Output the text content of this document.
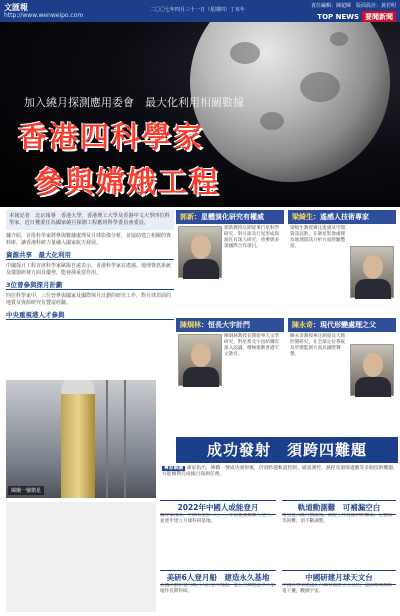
文匯報
http://www.wenweipo.com
二〇〇七年四月三十一日（星期四）丁亥年
責任編輯：陳超暉　版面設計：黃若明
TOP NEWS 要聞新聞
加入繞月探測應用委會　最大化利用相關數據
香港四科學家
參與嫦娥工程
本報記者　北京報導　香港大學、香港理工大學及香港中文大學四位科學家，近日獲委任為國家繞月探測工程應用科學委員會委員。
據介紹，首批科學家將參與數據處理及月球影像分析，並協助建立相關的資料庫，讓香港科研力量融入國家航天發展。
資源共享　最大化利用
中國探月工程首席科學家歐陽自遠表示，香港科學家在遙感、地理資訊系統及儀器研發方面具優勢，能發揮重要作用。
3位曾參與探月計劃
四位科學家中，三位曾參與國家及國際探月計劃的研究工作，對月球表面的地質及資源研究有豐富經驗。
中央重視港人才參與
嫦娥一號衛星
郭新：星體演化研究有權威
郭新教授長期從事行星科學研究，對月球及行星形成與演化有深入研究，曾參與多項國際合作項目。
梁綺生：遙感人技術專家
梁綺生教授專注遙感及空間資訊技術，在衛星影像處理及地理資訊分析方面經驗豐富。
陳炯林：恒長大宇計門
陳炯林教授長期從事天文學研究，對星系及宇宙結構有深入認識，積極推動香港天文教育。
陳永奇：現代形變處理之父
陳永奇教授專注測量及大地形變研究，在全球定位系統及形變監測方面具國際聲譽。
成功發射　須跨四難題
專家解讀 專家指出，嫦娥一號成功發射後，仍須跨越軌道控制、通訊測控、熱控及環境適應等多個技術難題，方能順利完成繞月探測任務。
2022年中國人或能登月	軌道動測難　可補漏空白
據專家預計，中國有望於二〇二二年前後實現載人登月，並逐步建立月球科研基地。
衛星進入繞月軌道後，測控工作將面對距離遠、信號弱等困難，須不斷調整。
美研6人登月船　建造永久基地	中國研建月球天文台
美國計劃研製可載六人的登月飛船，並在月球建造永久基地作長期科研。
中國科學家建議在月球背面建立天文台，避開地球無線電干擾，觀測宇宙。
